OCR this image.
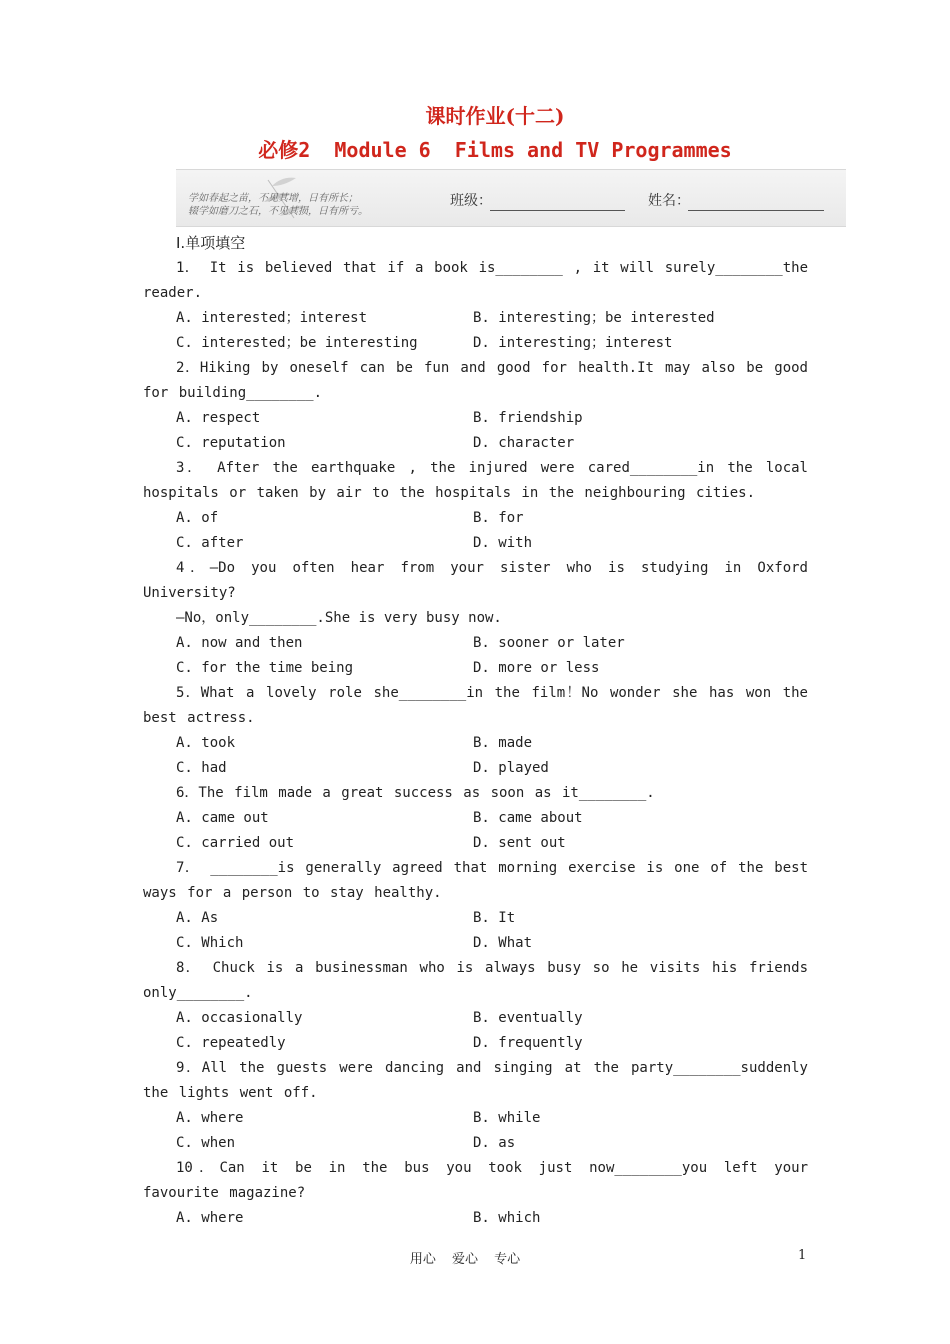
课时作业(十二)
必修2  Module 6  Films and TV Programmes
学如春起之苗，不见其增，日有所长；
辍学如磨刀之石，不见其损，日有所亏。
班级：	姓名：
Ⅰ.单项填空

1． It is believed that if a book is________ , it will surely________the reader.

A. interested；interest	B. interesting；be interested
C. interested；be interesting	D. interesting；interest

2．Hiking by oneself can be fun and good for health.It may also be good for building________.

A. respect	B. friendship
C. reputation	D. character

3． After the earthquake , the injured were cared________in the local hospitals or taken by air to the hospitals in the neighbouring cities.

A. of	B. for
C. after	D. with

4．—Do you often hear from your sister who is studying in Oxford University?

—No，only________.She is very busy now.
A. now and then	B. sooner or later
C. for the time being	D. more or less

5．What a lovely role she________in the film！No wonder she has won the best actress.

A. took	B. made
C. had	D. played

6．The film made a great success as soon as it________.

A. came out	B. came about
C. carried out	D. sent out

7． ________is generally agreed that morning exercise is one of the best ways for a person to stay healthy.

A. As	B. It
C. Which	D. What

8． Chuck is a businessman who is always busy so he visits his friends only________.

A. occasionally	B. eventually
C. repeatedly	D. frequently

9．All the guests were dancing and singing at the party________suddenly the lights went off.

A. where	B. while
C. when	D. as

10．Can it be in the bus you took just now________you left your favourite magazine?

A. where	B. which
用心 爱心 专心	1
